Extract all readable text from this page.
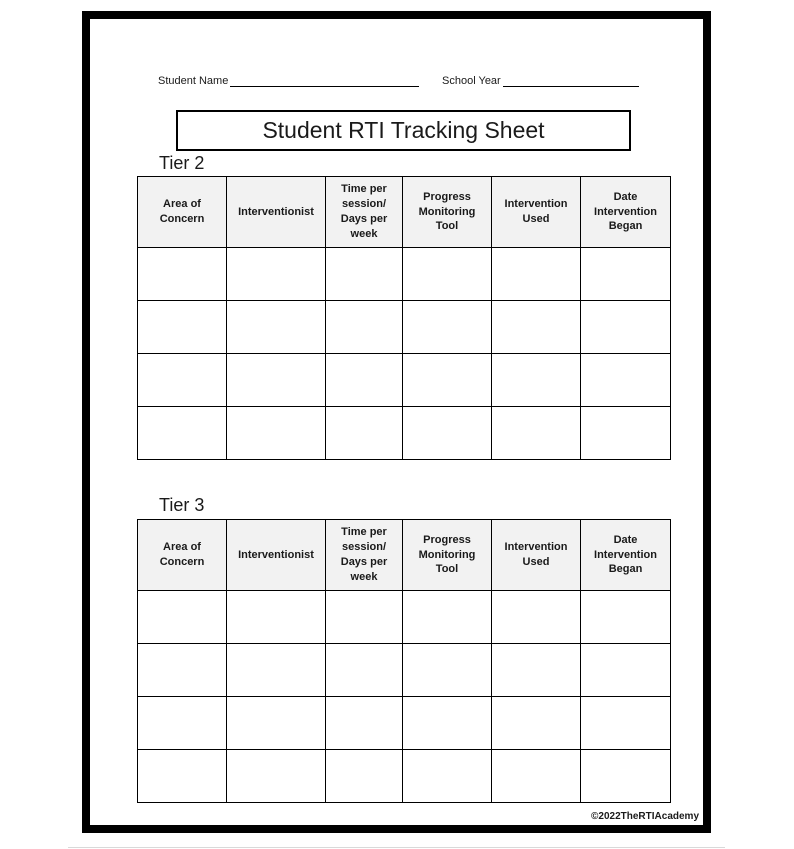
Student Name	School Year
Student RTI Tracking Sheet
Tier 2
Area of Concern	Interventionist	Time per session/ Days per week	Progress Monitoring Tool	Intervention Used	Date Intervention Began

Tier 3
Area of Concern	Interventionist	Time per session/ Days per week	Progress Monitoring Tool	Intervention Used	Date Intervention Began

©2022TheRTIAcademy
